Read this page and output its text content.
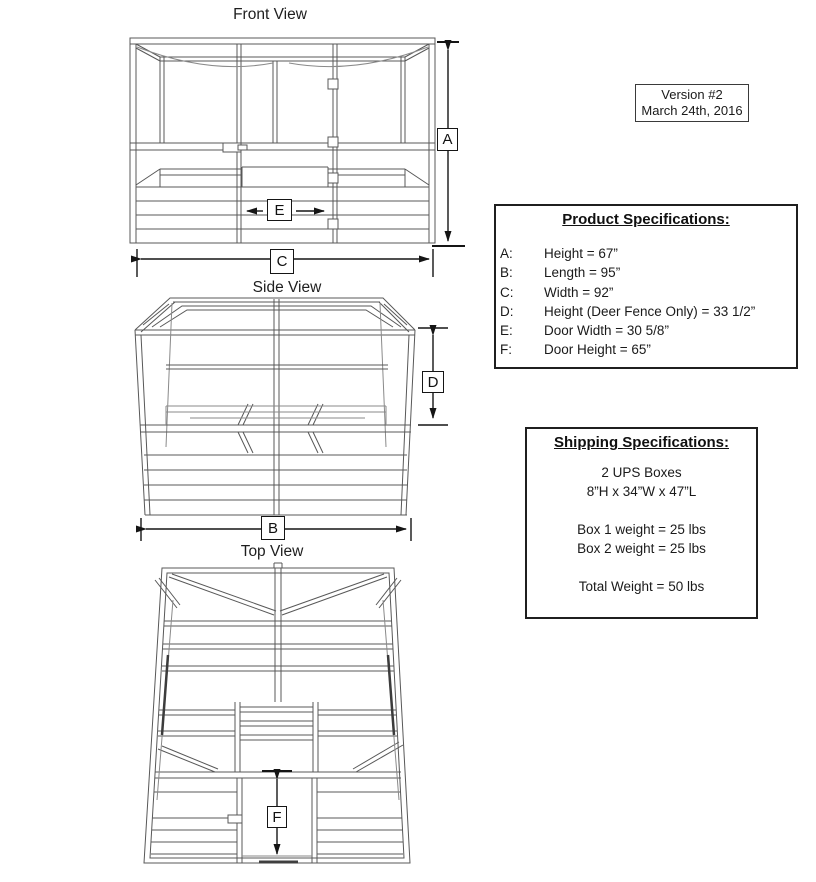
Front View
A
E
C
Version #2
March 24th, 2016
Product Specifications:
A:	Height = 67”
B:	Length = 95”
C:	Width = 92”
D:	Height (Deer Fence Only) = 33 1/2”
E:	Door Width = 30 5/8”
F:	Door Height = 65”
Side View
D
B
Shipping Specifications:
2 UPS Boxes
8”H x 34”W x 47”L
Box 1 weight = 25 lbs
Box 2 weight = 25 lbs
Total Weight = 50 lbs
Top View
F
